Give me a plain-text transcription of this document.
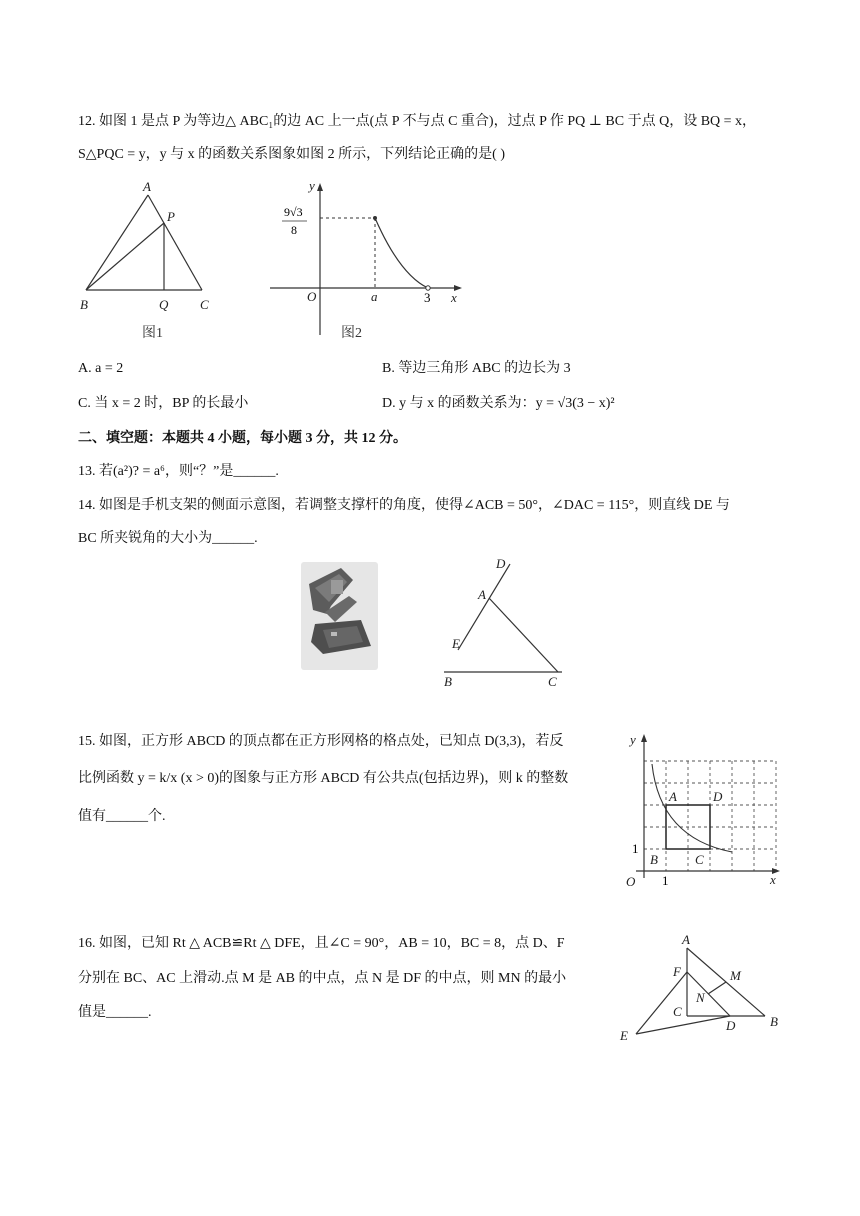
12. 如图 1 是点 P 为等边△ ABC₁的边 AC 上一点(点 P 不与点 C 重合)，过点 P 作 PQ ⊥ BC 于点 Q，设 BQ = x，
S△PQC = y，y 与 x 的函数关系图象如图 2 所示，下列结论正确的是( )
A
P
B	Q C
图1
y
9√3
8
O	a	3 x
图2
A. a = 2	B. 等边三角形 ABC 的边长为 3
C. 当 x = 2 时，BP 的长最小	D. y 与 x 的函数关系为：y = √3(3 − x)²
二、填空题：本题共 4 小题，每小题 3 分，共 12 分。
13. 若(a²)? = a⁶，则“？”是______.
14. 如图是手机支架的侧面示意图，若调整支撑杆的角度，使得∠ACB = 50°，∠DAC = 115°，则直线 DE 与
BC 所夹锐角的大小为______.
D
A
E
B	C
15. 如图，正方形 ABCD 的顶点都在正方形网格的格点处，已知点 D(3,3)，若反
比例函数 y = k/x (x > 0)的图象与正方形 ABCD 有公共点(包括边界)，则 k 的整数
值有______个.
y
x
O
1
1
A	D
B	C
16. 如图，已知 Rt △ ACB≌Rt △ DFE，且∠C = 90°，AB = 10，BC = 8，点 D、F
分别在 BC、AC 上滑动.点 M 是 AB 的中点，点 N 是 DF 的中点，则 MN 的最小
值是______.
A
F	M
N
C
D	B
E
